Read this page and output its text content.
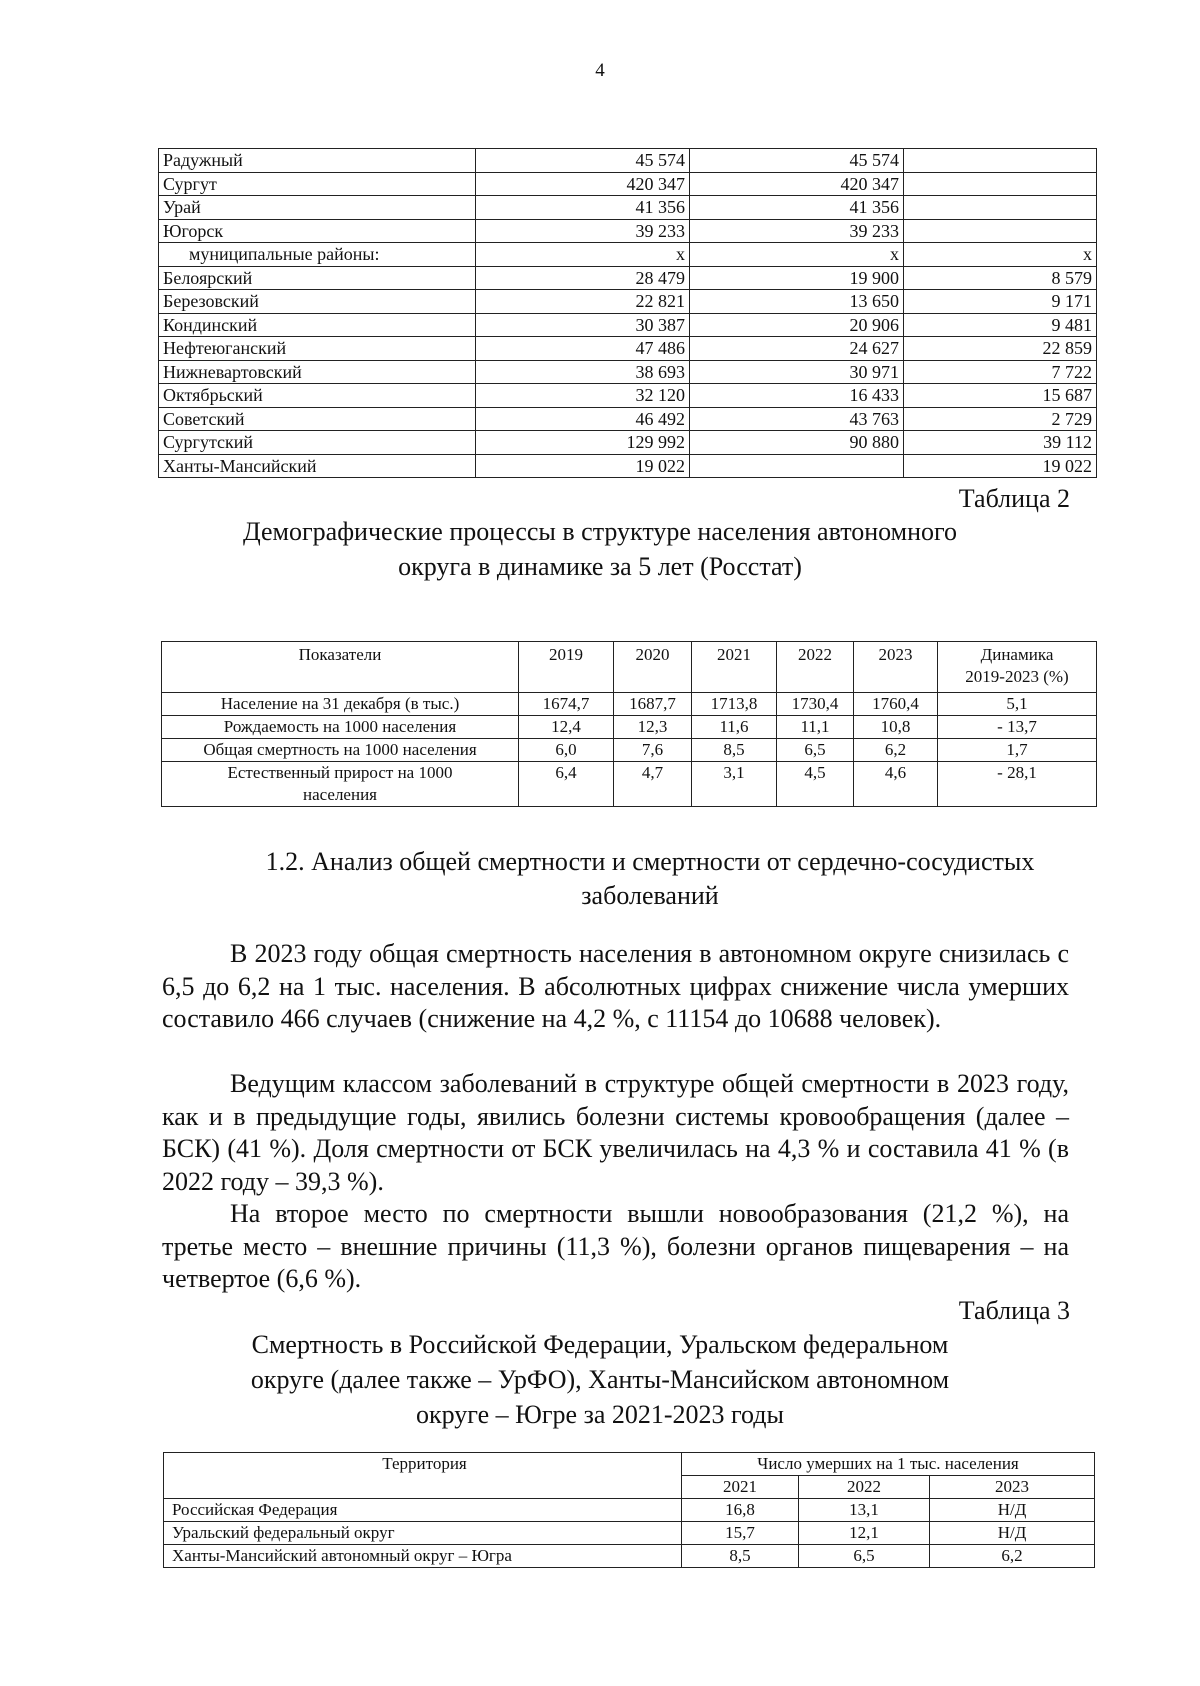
4
Радужный	45 574	45 574	
Сургут	420 347	420 347	
Урай	41 356	41 356	
Югорск	39 233	39 233	
муниципальные районы:	x	x	x
Белоярский	28 479	19 900	8 579
Березовский	22 821	13 650	9 171
Кондинский	30 387	20 906	9 481
Нефтеюганский	47 486	24 627	22 859
Нижневартовский	38 693	30 971	7 722
Октябрьский	32 120	16 433	15 687
Советский	46 492	43 763	2 729
Сургутский	129 992	90 880	39 112
Ханты-Мансийский	19 022		19 022
Таблица 2
Демографические процессы в структуре населения автономного
округа в динамике за 5 лет (Росстат)
Показатели	2019	2020	2021	2022	2023	Динамика
2019-2023 (%)

Население на 31 декабря (в тыс.)	1674,7	1687,7	1713,8	1730,4	1760,4	5,1
Рождаемость на 1000 населения	12,4	12,3	11,6	11,1	10,8	- 13,7
Общая смертность на 1000 населения	6,0	7,6	8,5	6,5	6,2	1,7

Естественный прирост на 1000
населения	6,4	4,7	3,1	4,5	4,6	- 28,1
1.2. Анализ общей смертности и смертности от сердечно-сосудистых
заболеваний

В 2023 году общая смертность населения в автономном округе снизилась с 6,5 до 6,2 на 1 тыс. населения. В абсолютных цифрах снижение числа умерших составило 466 случаев (снижение на 4,2 %, с 11154 до 10688 человек).

Ведущим классом заболеваний в структуре общей смертности в 2023 году, как и в предыдущие годы, явились болезни системы кровообращения (далее – БСК) (41 %). Доля смертности от БСК увеличилась на 4,3 % и составила 41 % (в 2022 году – 39,3 %).

На второе место по смертности вышли новообразования (21,2 %), на третье место – внешние причины (11,3 %), болезни органов пищеварения – на четвертое (6,6 %).

Таблица 3
Смертность в Российской Федерации, Уральском федеральном
округе (далее также – УрФО), Ханты-Мансийском автономном
округе – Югре за 2021-2023 годы
Территория	Число умерших на 1 тыс. населения		
	2021	2022	2023
Российская Федерация	16,8	13,1	Н/Д
Уральский федеральный округ	15,7	12,1	Н/Д
Ханты-Мансийский автономный округ – Югра	8,5	6,5	6,2
